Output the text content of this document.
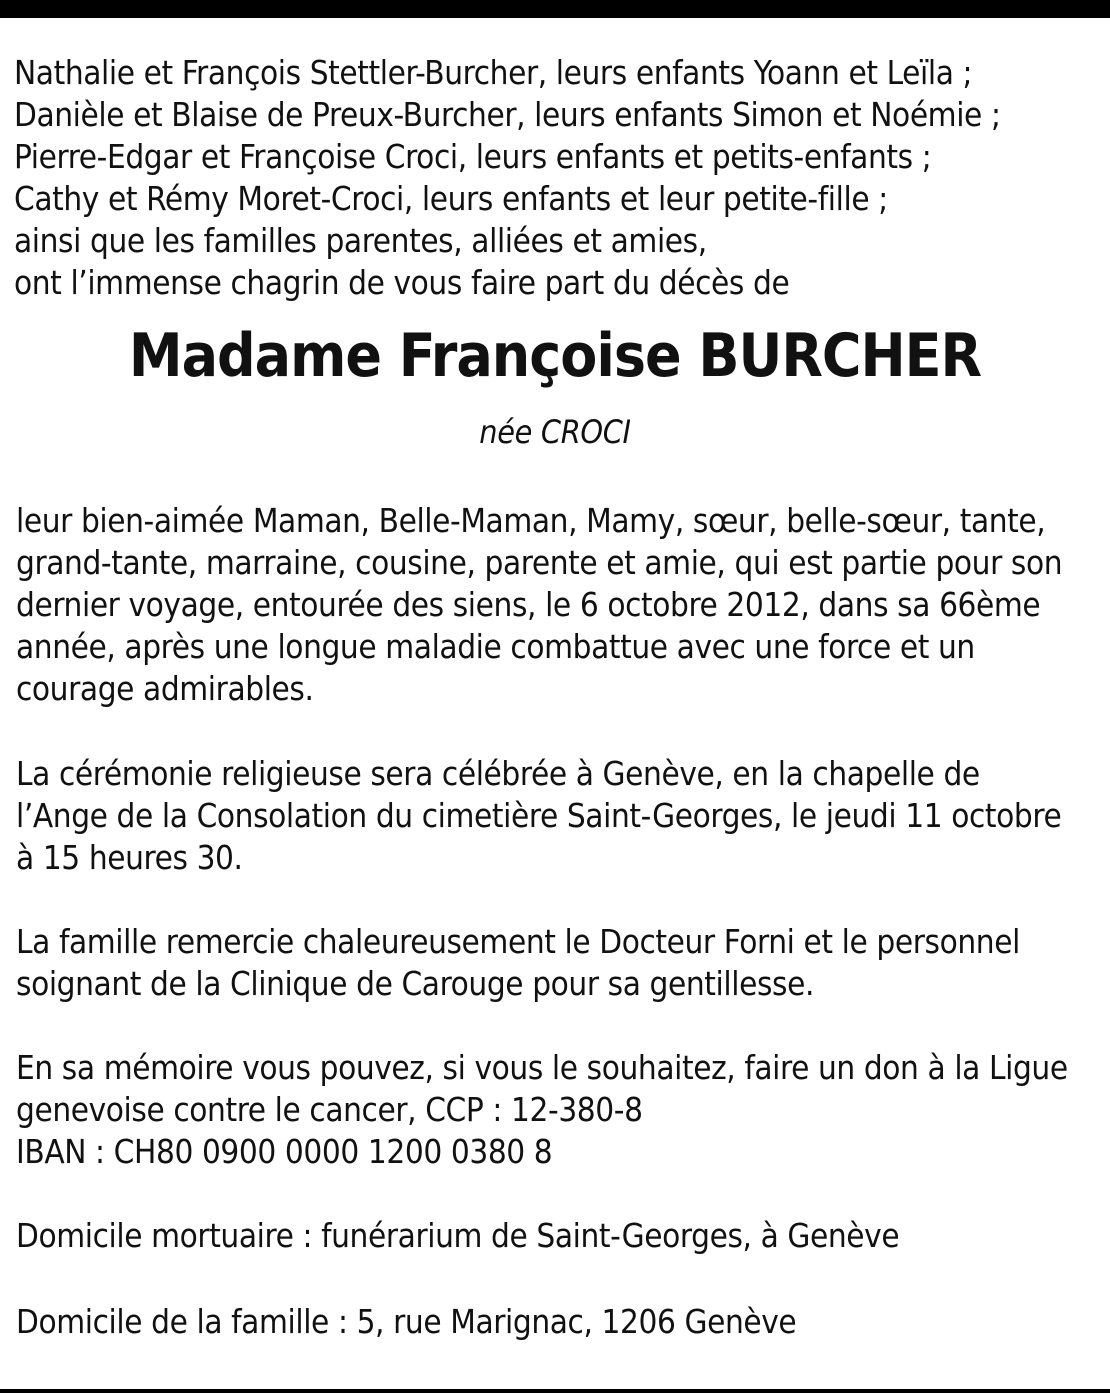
Nathalie et François Stettler-Burcher, leurs enfants Yoann et Leïla ;
Danièle et Blaise de Preux-Burcher, leurs enfants Simon et Noémie ;
Pierre-Edgar et Françoise Croci, leurs enfants et petits-enfants ;
Cathy et Rémy Moret-Croci, leurs enfants et leur petite-fille ;
ainsi que les familles parentes, alliées et amies,
ont l’immense chagrin de vous faire part du décès de
Madame Françoise BURCHER
née CROCI
leur bien-aimée Maman, Belle-Maman, Mamy, sœur, belle-sœur, tante,
grand-tante, marraine, cousine, parente et amie, qui est partie pour son
dernier voyage, entourée des siens, le 6 octobre 2012, dans sa 66ème
année, après une longue maladie combattue avec une force et un
courage admirables.
La cérémonie religieuse sera célébrée à Genève, en la chapelle de
l’Ange de la Consolation du cimetière Saint-Georges, le jeudi 11 octobre
à 15 heures 30.
La famille remercie chaleureusement le Docteur Forni et le personnel
soignant de la Clinique de Carouge pour sa gentillesse.
En sa mémoire vous pouvez, si vous le souhaitez, faire un don à la Ligue
genevoise contre le cancer, CCP : 12-380-8
IBAN : CH80 0900 0000 1200 0380 8
Domicile mortuaire : funérarium de Saint-Georges, à Genève
Domicile de la famille : 5, rue Marignac, 1206 Genève
